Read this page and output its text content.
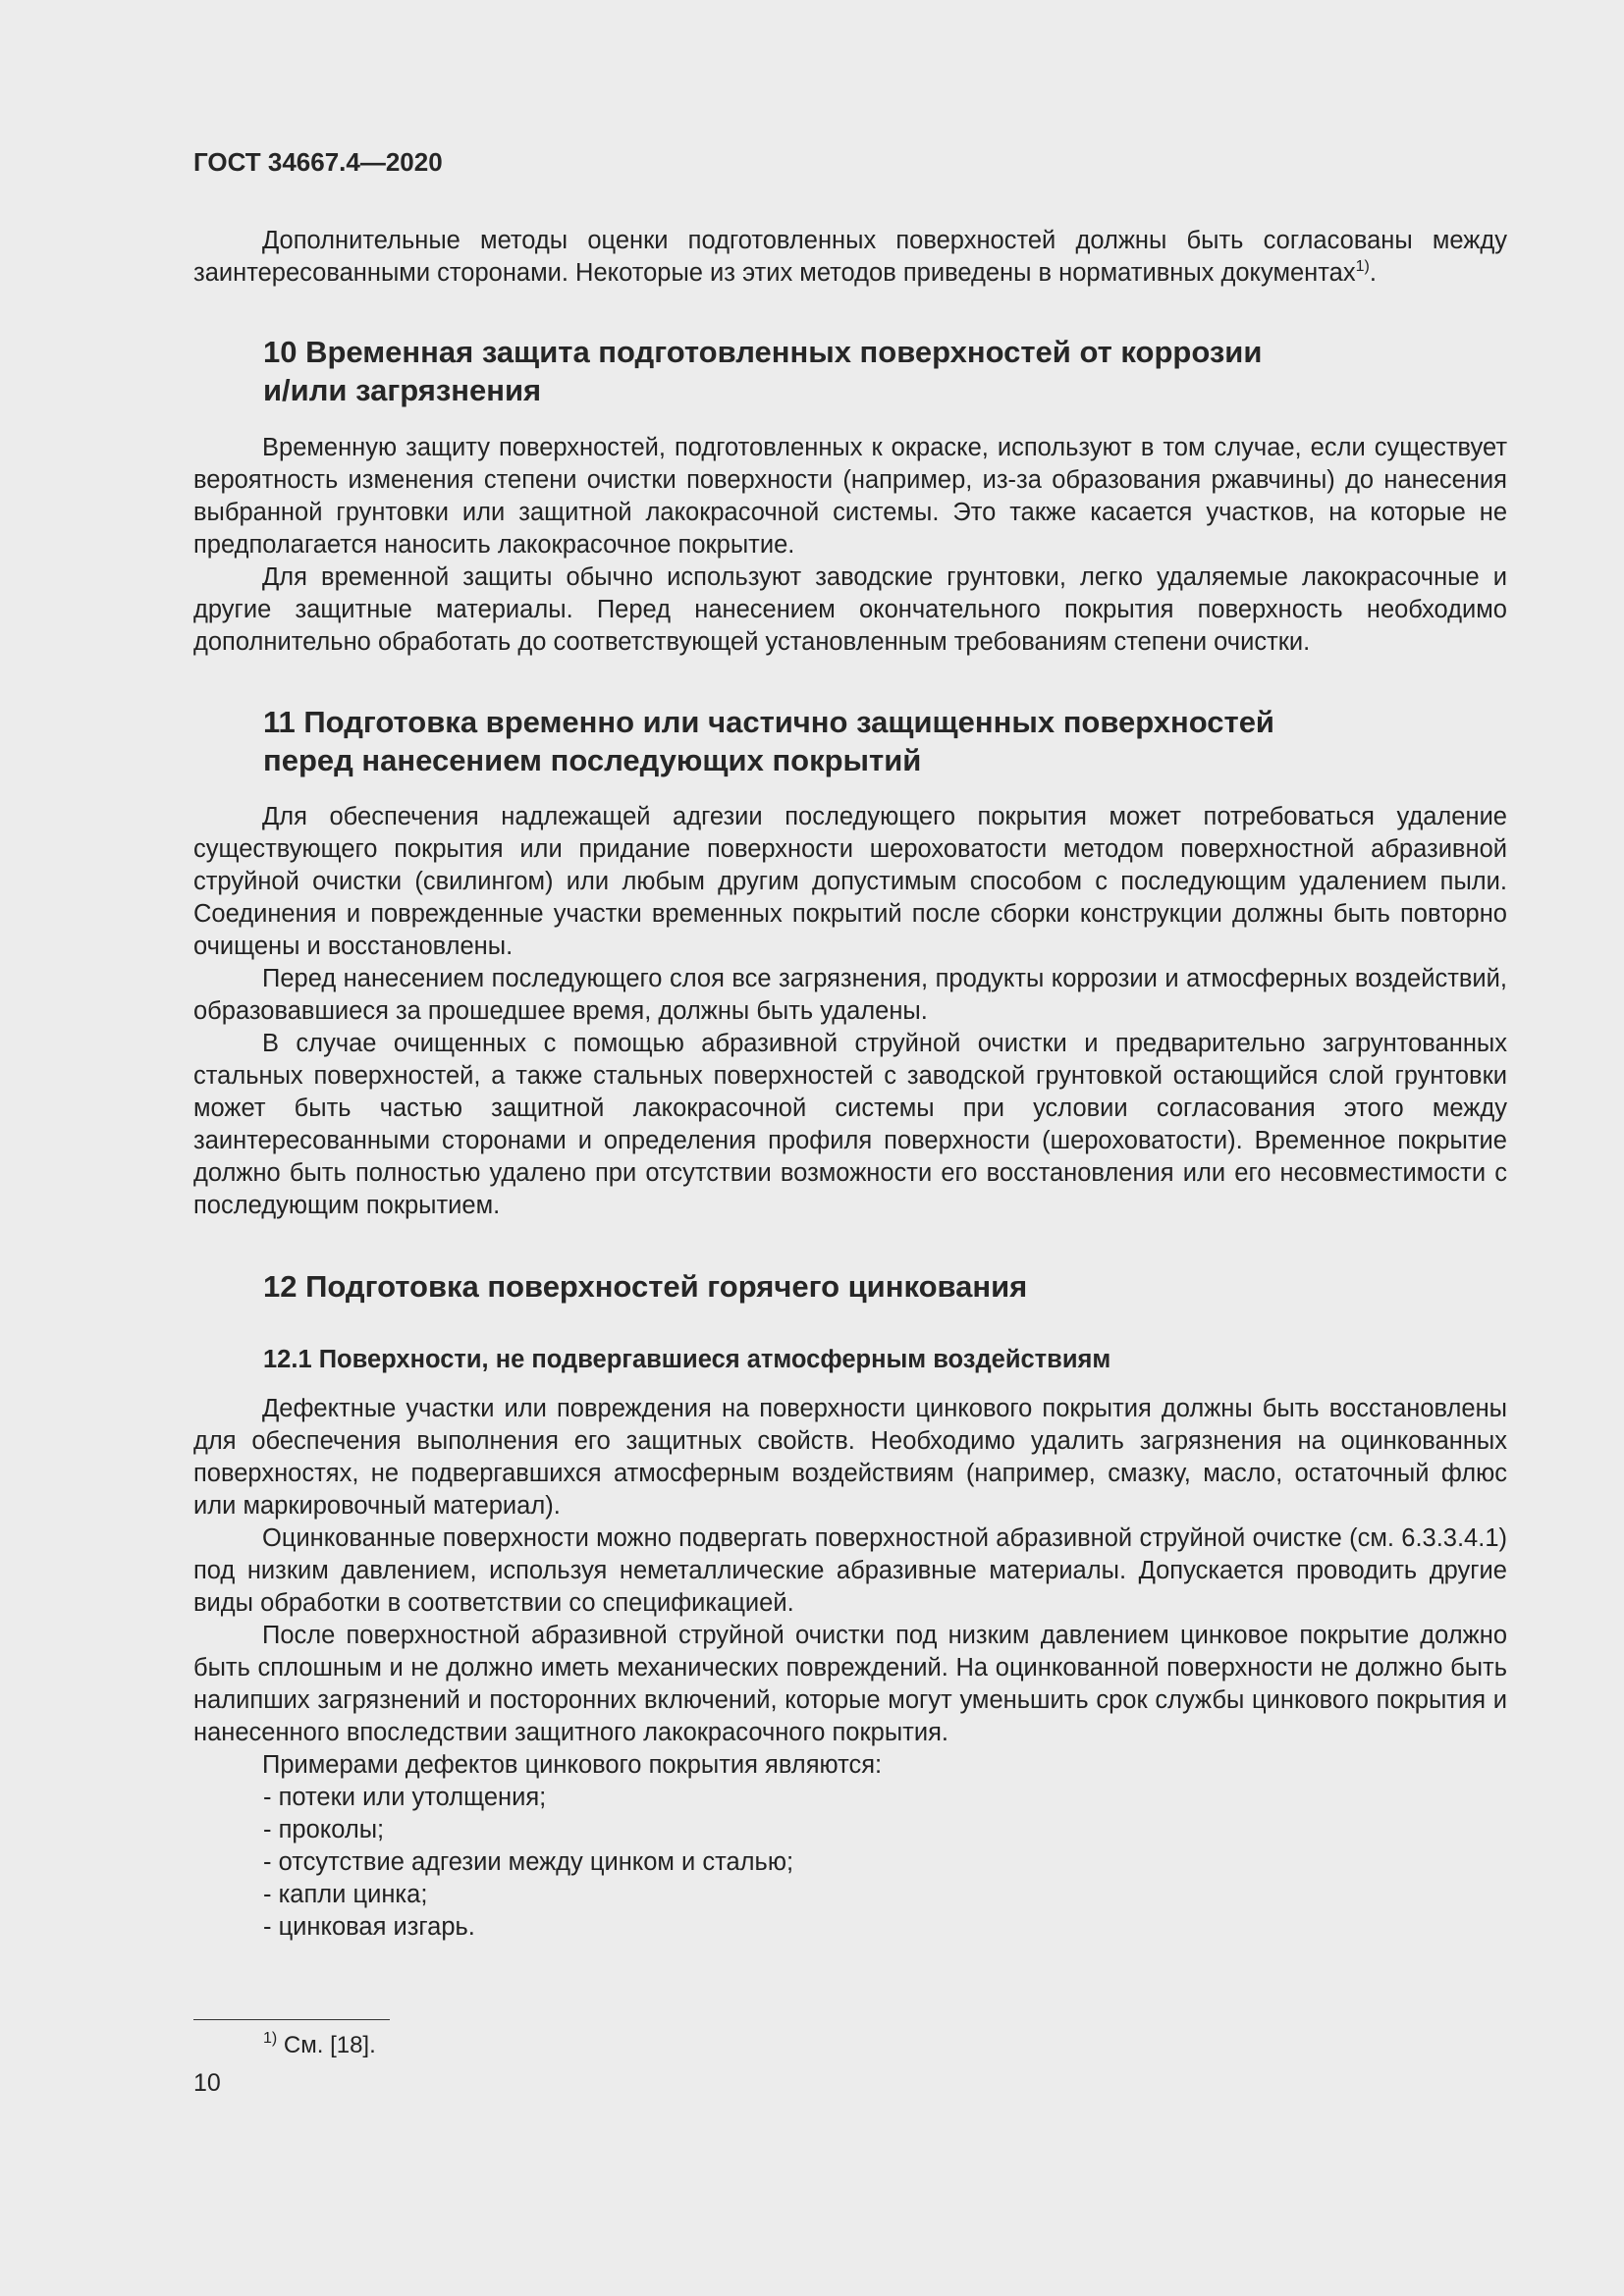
ГОСТ 34667.4—2020

Дополнительные методы оценки подготовленных поверхностей должны быть согласованы между заинтересованными сторонами. Некоторые из этих методов приведены в нормативных документах$^{1)}$.

10 Временная защита подготовленных поверхностей от коррозии
и/или загрязнения

Временную защиту поверхностей, подготовленных к окраске, используют в том случае, если существует вероятность изменения степени очистки поверхности (например, из-за образования ржавчины) до нанесения выбранной грунтовки или защитной лакокрасочной системы. Это также касается участков, на которые не предполагается наносить лакокрасочное покрытие.

Для временной защиты обычно используют заводские грунтовки, легко удаляемые лакокрасочные и другие защитные материалы. Перед нанесением окончательного покрытия поверхность необходимо дополнительно обработать до соответствующей установленным требованиям степени очистки.

11 Подготовка временно или частично защищенных поверхностей
перед нанесением последующих покрытий

Для обеспечения надлежащей адгезии последующего покрытия может потребоваться удаление существующего покрытия или придание поверхности шероховатости методом поверхностной абразивной струйной очистки (свилингом) или любым другим допустимым способом с последующим удалением пыли. Соединения и поврежденные участки временных покрытий после сборки конструкции должны быть повторно очищены и восстановлены.

Перед нанесением последующего слоя все загрязнения, продукты коррозии и атмосферных воздействий, образовавшиеся за прошедшее время, должны быть удалены.

В случае очищенных с помощью абразивной струйной очистки и предварительно загрунтованных стальных поверхностей, а также стальных поверхностей с заводской грунтовкой остающийся слой грунтовки может быть частью защитной лакокрасочной системы при условии согласования этого между заинтересованными сторонами и определения профиля поверхности (шероховатости). Временное покрытие должно быть полностью удалено при отсутствии возможности его восстановления или его несовместимости с последующим покрытием.

12 Подготовка поверхностей горячего цинкования
12.1 Поверхности, не подвергавшиеся атмосферным воздействиям

Дефектные участки или повреждения на поверхности цинкового покрытия должны быть восстановлены для обеспечения выполнения его защитных свойств. Необходимо удалить загрязнения на оцинкованных поверхностях, не подвергавшихся атмосферным воздействиям (например, смазку, масло, остаточный флюс или маркировочный материал).

Оцинкованные поверхности можно подвергать поверхностной абразивной струйной очистке (см. 6.3.3.4.1) под низким давлением, используя неметаллические абразивные материалы. Допускается проводить другие виды обработки в соответствии со спецификацией.

После поверхностной абразивной струйной очистки под низким давлением цинковое покрытие должно быть сплошным и не должно иметь механических повреждений. На оцинкованной поверхности не должно быть налипших загрязнений и посторонних включений, которые могут уменьшить срок службы цинкового покрытия и нанесенного впоследствии защитного лакокрасочного покрытия.

Примерами дефектов цинкового покрытия являются:

- потеки или утолщения;
- проколы;
- отсутствие адгезии между цинком и сталью;
- капли цинка;
- цинковая изгарь.
$^{1)}$ См. [18].
10
